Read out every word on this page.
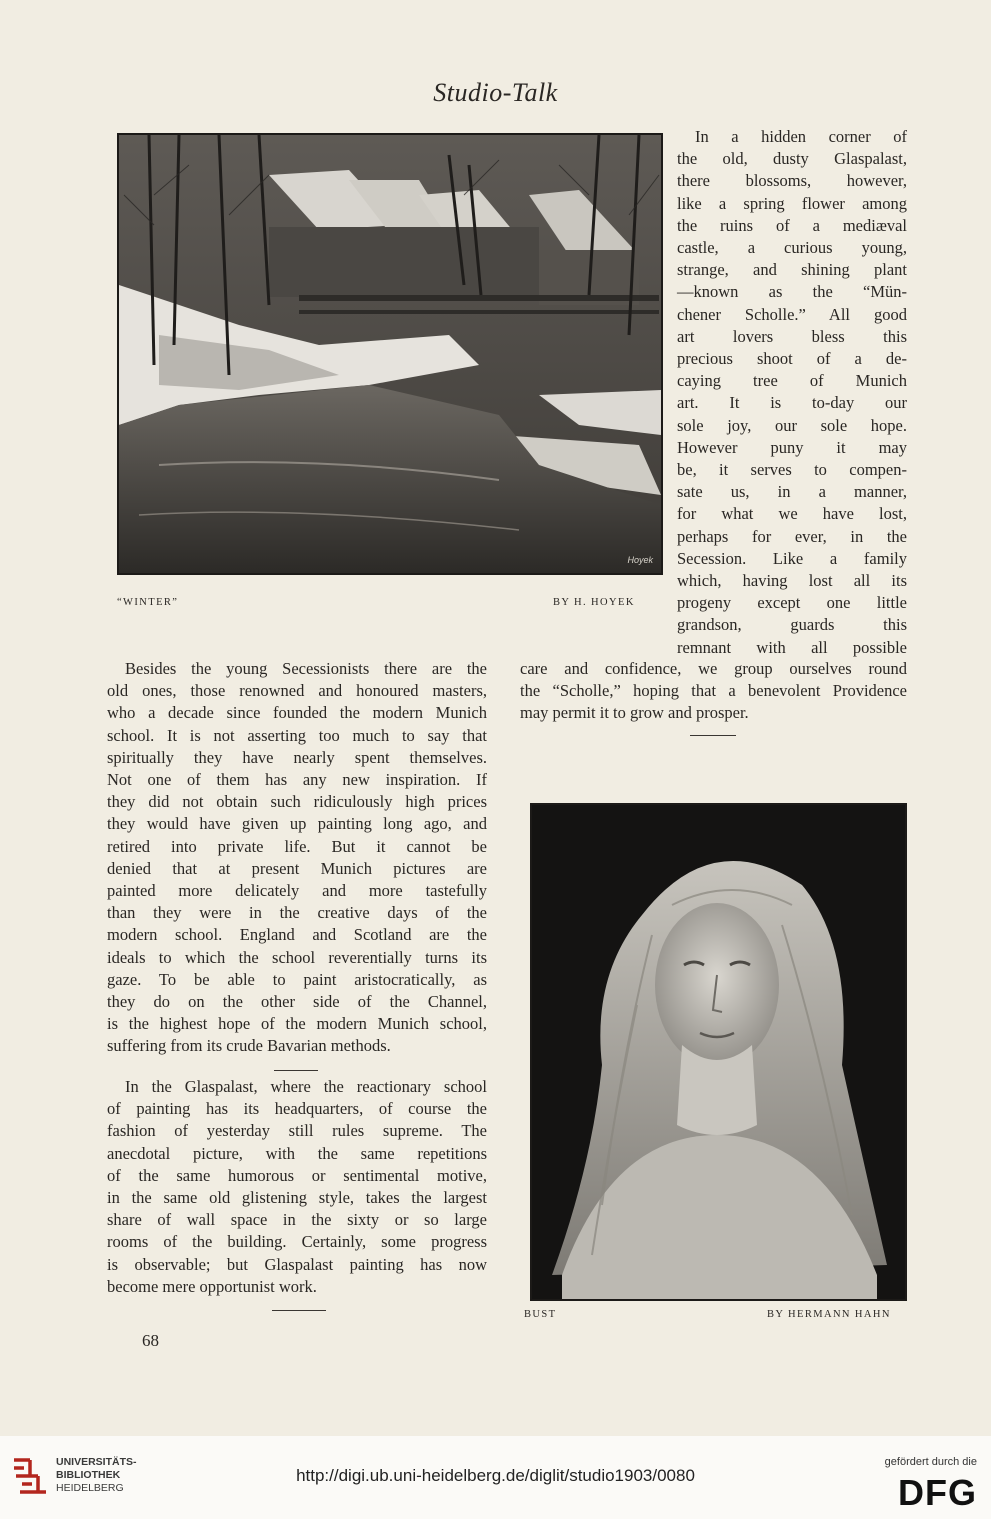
Studio-Talk
Hoyek
“WINTER”	BY H. HOYEK

In a hidden corner of

the old, dusty Glaspalast,

there blossoms, however,

like a spring flower among

the ruins of a mediæval

castle, a curious young,

strange, and shining plant

—known as the “Mün-

chener Scholle.” All good

art lovers bless this

precious shoot of a de-

caying tree of Munich

art. It is to-day our

sole joy, our sole hope.

However puny it may

be, it serves to compen-

sate us, in a manner,

for what we have lost,

perhaps for ever, in the

Secession. Like a family

which, having lost all its

progeny except one little

grandson, guards this

remnant with all possible

care and confidence, we group ourselves round

the “Scholle,” hoping that a benevolent Providence

may permit it to grow and prosper.

Besides the young Secessionists there are the

old ones, those renowned and honoured masters,

who a decade since founded the modern Munich

school. It is not asserting too much to say that

spiritually they have nearly spent themselves.

Not one of them has any new inspiration. If

they did not obtain such ridiculously high prices

they would have given up painting long ago, and

retired into private life. But it cannot be

denied that at present Munich pictures are

painted more delicately and more tastefully

than they were in the creative days of the

modern school. England and Scotland are the

ideals to which the school reverentially turns its

gaze. To be able to paint aristocratically, as

they do on the other side of the Channel,

is the highest hope of the modern Munich school,

suffering from its crude Bavarian methods.

In the Glaspalast, where the reactionary school

of painting has its headquarters, of course the

fashion of yesterday still rules supreme. The

anecdotal picture, with the same repetitions

of the same humorous or sentimental motive,

in the same old glistening style, takes the largest

share of wall space in the sixty or so large

rooms of the building. Certainly, some progress

is observable; but Glaspalast painting has now

become mere opportunist work.

BUST	BY HERMANN HAHN
68
UNIVERSITÄTS-
BIBLIOTHEK
HEIDELBERG
http://digi.ub.uni-heidelberg.de/diglit/studio1903/0080
gefördert durch die
DFG
